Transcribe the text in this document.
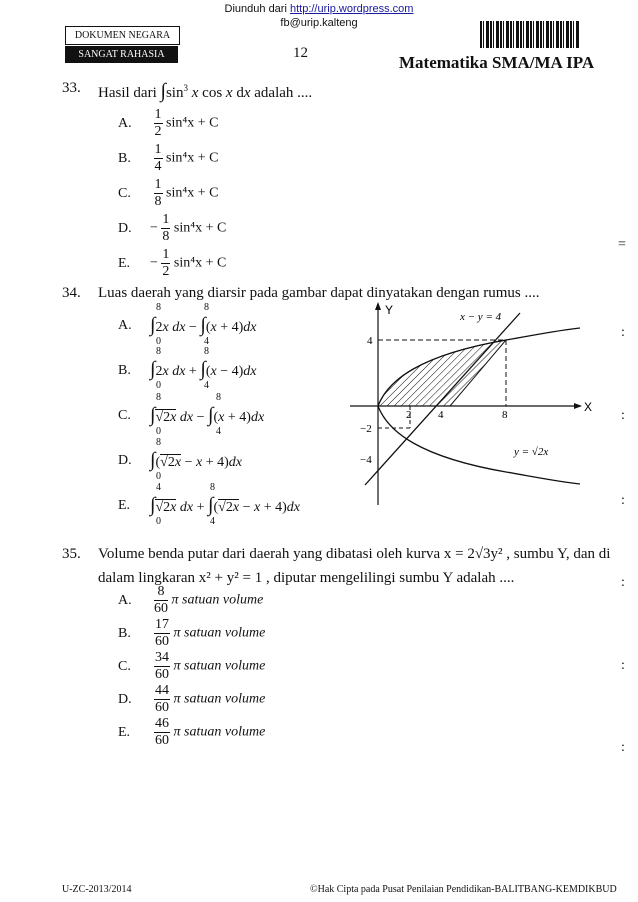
Diunduh dari http://urip.wordpress.com
fb@urip.kalteng
DOKUMEN NEGARA
SANGAT RAHASIA	12	Matematika SMA/MA IPA
33. Hasil dari $\int\sin^3$ x cos x dx adalah ....
A. $\frac{1}{2} \sin^4x + C$
B. $\frac{1}{4} \sin^4x + C$
C. $\frac{1}{8} \sin^4x + C$
D. − $\frac{1}{8} \sin^4x + C$
E. − $\frac{1}{2} \sin^4x + C$
34. Luas daerah yang diarsir pada gambar dapat dinyatakan dengan rumus ....
A.
8	8
∫2x dx − ∫(x + 4)dx
0	4
B.
8	8
∫2x dx + ∫(x − 4)dx
0	4
C.
8	8
∫√2x dx − ∫(x + 4)dx
0	4
D.
8
∫(√2x − x + 4)dx
0
E.
4	8
∫√2x dx + ∫(√2x − x + 4)dx
0	4
Y
X
x − y = 4
y = √2x
4
−2
−4
2 4	8
35. Volume benda putar dari daerah yang dibatasi oleh kurva x = 2√3y² , sumbu Y, dan di
dalam lingkaran x² + y² = 1 , diputar mengelilingi sumbu Y adalah ....
A. $\frac{8}{60}$ π satuan volume
B. $\frac{17}{60}$ π satuan volume
C. $\frac{34}{60}$ π satuan volume
D. $\frac{44}{60}$ π satuan volume
E. $\frac{46}{60}$ π satuan volume
=
:
:
:
:
:
:
U-ZC-2013/2014	©Hak Cipta pada Pusat Penilaian Pendidikan-BALITBANG-KEMDIKBUD
